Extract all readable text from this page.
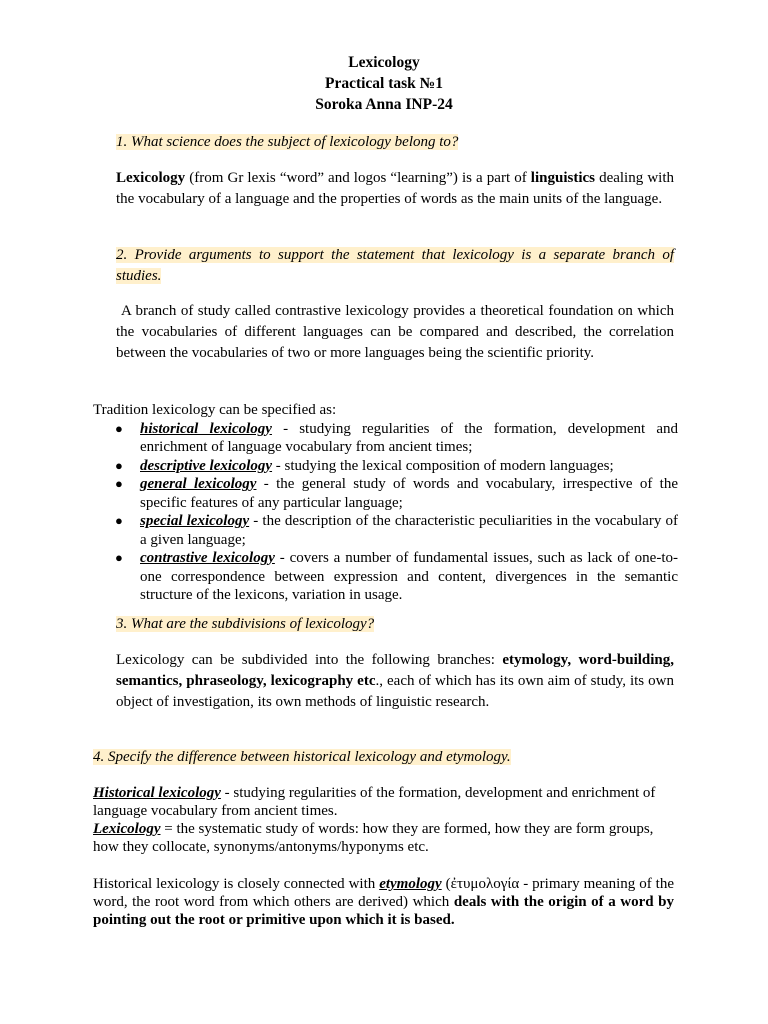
Lexicology
Practical task №1
Soroka Anna INP-24
1. What science does the subject of lexicology belong to?
Lexicology (from Gr lexis “word” and logos “learning”) is a part of linguistics dealing with the vocabulary of a language and the properties of words as the main units of the language.
2. Provide arguments to support the statement that lexicology is a separate branch of studies.
A branch of study called contrastive lexicology provides a theoretical foundation on which the vocabularies of different languages can be compared and described, the correlation between the vocabularies of two or more languages being the scientific priority.
Tradition lexicology can be specified as:
● historical lexicology - studying regularities of the formation, development and enrichment of language vocabulary from ancient times;
● descriptive lexicology - studying the lexical composition of modern languages;
● general lexicology - the general study of words and vocabulary, irrespective of the specific features of any particular language;
● special lexicology - the description of the characteristic peculiarities in the vocabulary of a given language;
● contrastive lexicology - covers a number of fundamental issues, such as lack of one-to-one correspondence between expression and content, divergences in the semantic structure of the lexicons, variation in usage.
3. What are the subdivisions of lexicology?
Lexicology can be subdivided into the following branches: etymology, word-building, semantics, phraseology, lexicography etc., each of which has its own aim of study, its own object of investigation, its own methods of linguistic research.
4. Specify the difference between historical lexicology and etymology.
Historical lexicology - studying regularities of the formation, development and enrichment of language vocabulary from ancient times.
Lexicology = the systematic study of words: how they are formed, how they are form groups, how they collocate, synonyms/antonyms/hyponyms etc.
Historical lexicology is closely connected with etymology (ἐτυμολογία - primary meaning of the word, the root word from which others are derived) which deals with the origin of a word by pointing out the root or primitive upon which it is based.
